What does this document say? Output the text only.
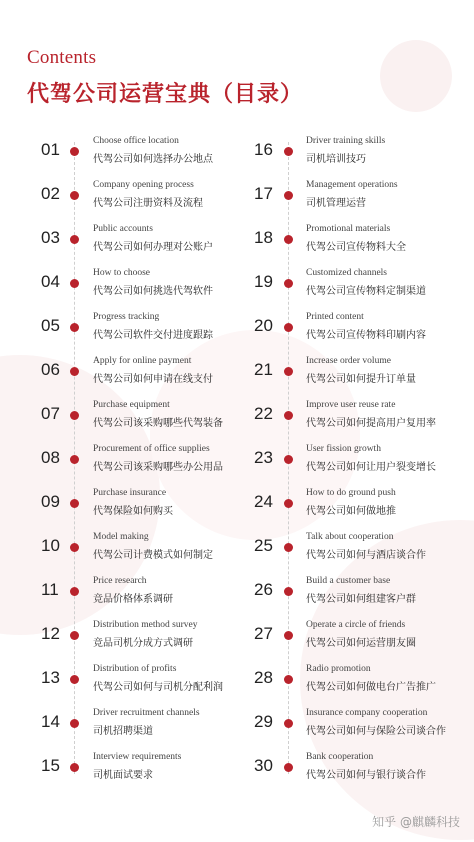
Contents
代驾公司运营宝典（目录）
01	Choose office location
代驾公司如何选择办公地点
02	Company opening process
代驾公司注册资料及流程
03	Public accounts
代驾公司如何办理对公账户
04	How to choose
代驾公司如何挑选代驾软件
05	Progress tracking
代驾公司软件交付进度跟踪
06	Apply for online payment
代驾公司如何申请在线支付
07	Purchase equipment
代驾公司该采购哪些代驾装备
08	Procurement of office supplies
代驾公司该采购哪些办公用品
09	Purchase insurance
代驾保险如何购买
10	Model making
代驾公司计费模式如何制定
11	Price research
竞品价格体系调研
12	Distribution method survey
竞品司机分成方式调研
13	Distribution of profits
代驾公司如何与司机分配利润
14	Driver recruitment channels
司机招聘渠道
15	Interview requirements
司机面试要求
16	Driver training skills
司机培训技巧
17	Management operations
司机管理运营
18	Promotional materials
代驾公司宣传物料大全
19	Customized channels
代驾公司宣传物料定制渠道
20	Printed content
代驾公司宣传物料印刷内容
21	Increase order volume
代驾公司如何提升订单量
22	Improve user reuse rate
代驾公司如何提高用户复用率
23	User fission growth
代驾公司如何让用户裂变增长
24	How to do ground push
代驾公司如何做地推
25	Talk about cooperation
代驾公司如何与酒店谈合作
26	Build a customer base
代驾公司如何组建客户群
27	Operate a circle of friends
代驾公司如何运营朋友圈
28	Radio promotion
代驾公司如何做电台广告推广
29	Insurance company cooperation
代驾公司如何与保险公司谈合作
30	Bank cooperation
代驾公司如何与银行谈合作
知乎 @麒麟科技
